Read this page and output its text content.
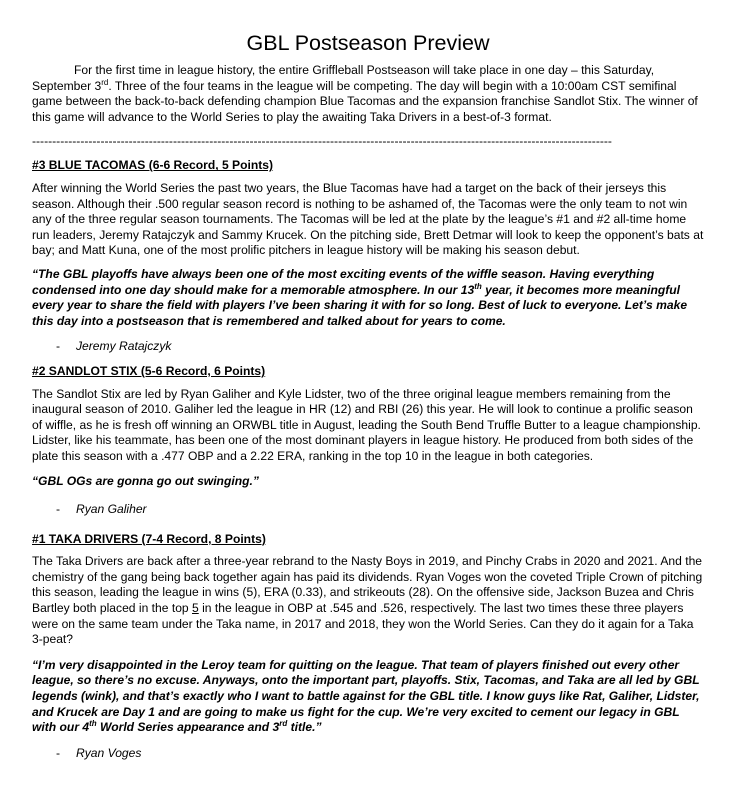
GBL Postseason Preview

For the first time in league history, the entire Griffleball Postseason will take place in one day – this Saturday, September 3rd. Three of the four teams in the league will be competing. The day will begin with a 10:00am CST semifinal game between the back-to-back defending champion Blue Tacomas and the expansion franchise Sandlot Stix. The winner of this game will advance to the World Series to play the awaiting Taka Drivers in a best-of-3 format.

------------------------------------------------------------------------------------------------------------------------------------------------
#3 BLUE TACOMAS (6-6 Record, 5 Points)

After winning the World Series the past two years, the Blue Tacomas have had a target on the back of their jerseys this season. Although their .500 regular season record is nothing to be ashamed of, the Tacomas were the only team to not win any of the three regular season tournaments. The Tacomas will be led at the plate by the league’s #1 and #2 all-time home run leaders, Jeremy Ratajczyk and Sammy Krucek. On the pitching side, Brett Detmar will look to keep the opponent’s bats at bay; and Matt Kuna, one of the most prolific pitchers in league history will be making his season debut.

“The GBL playoffs have always been one of the most exciting events of the wiffle season. Having everything condensed into one day should make for a memorable atmosphere. In our 13th year, it becomes more meaningful every year to share the field with players I’ve been sharing it with for so long. Best of luck to everyone. Let’s make this day into a postseason that is remembered and talked about for years to come.

-	Jeremy Ratajczyk
#2 SANDLOT STIX (5-6 Record, 6 Points)

The Sandlot Stix are led by Ryan Galiher and Kyle Lidster, two of the three original league members remaining from the inaugural season of 2010. Galiher led the league in HR (12) and RBI (26) this year. He will look to continue a prolific season of wiffle, as he is fresh off winning an ORWBL title in August, leading the South Bend Truffle Butter to a league championship. Lidster, like his teammate, has been one of the most dominant players in league history. He produced from both sides of the plate this season with a .477 OBP and a 2.22 ERA, ranking in the top 10 in the league in both categories.

“GBL OGs are gonna go out swinging.”

-	Ryan Galiher
#1 TAKA DRIVERS (7-4 Record, 8 Points)

The Taka Drivers are back after a three-year rebrand to the Nasty Boys in 2019, and Pinchy Crabs in 2020 and 2021. And the chemistry of the gang being back together again has paid its dividends. Ryan Voges won the coveted Triple Crown of pitching this season, leading the league in wins (5), ERA (0.33), and strikeouts (28). On the offensive side, Jackson Buzea and Chris Bartley both placed in the top 5 in the league in OBP at .545 and .526, respectively. The last two times these three players were on the same team under the Taka name, in 2017 and 2018, they won the World Series. Can they do it again for a Taka 3-peat?

“I’m very disappointed in the Leroy team for quitting on the league. That team of players finished out every other league, so there’s no excuse. Anyways, onto the important part, playoffs. Stix, Tacomas, and Taka are all led by GBL legends (wink), and that’s exactly who I want to battle against for the GBL title. I know guys like Rat, Galiher, Lidster, and Krucek are Day 1 and are going to make us fight for the cup. We’re very excited to cement our legacy in GBL with our 4th World Series appearance and 3rd title.”

-	Ryan Voges
